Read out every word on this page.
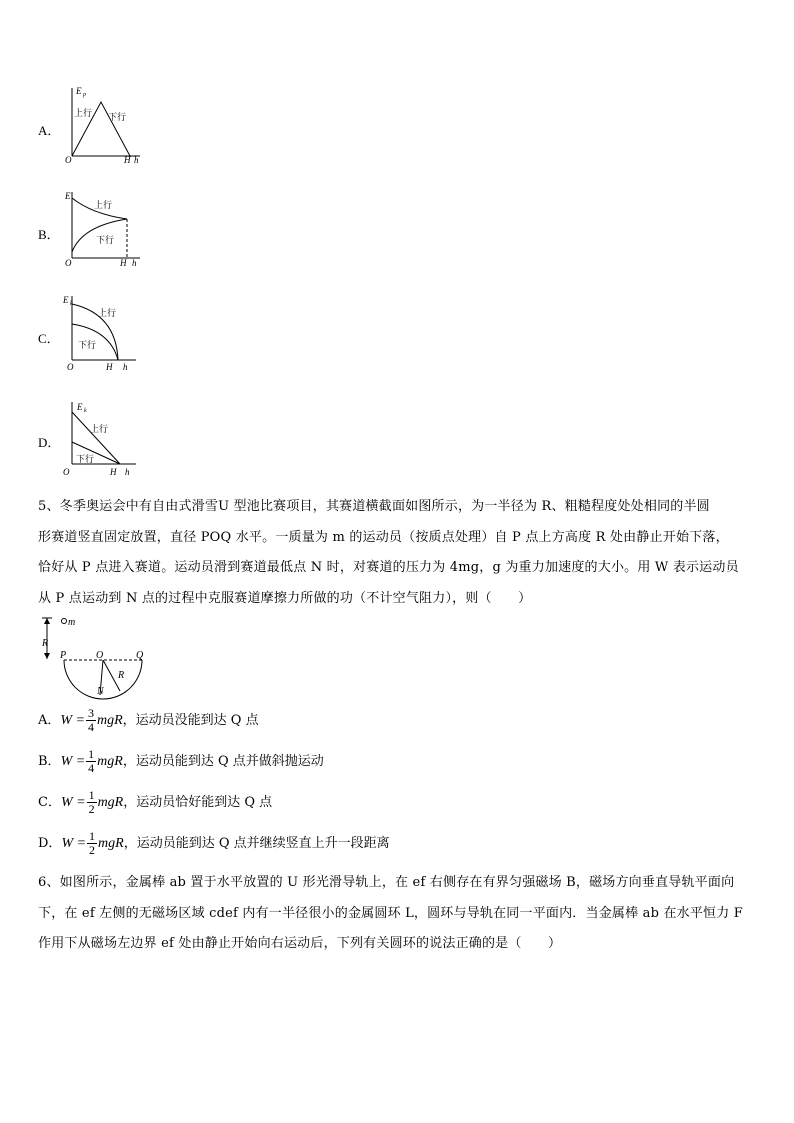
A．
E p
上行 下行
O	H h
B．
E
上行
下行
O	H h
C．
E k
上行
下行
O	H h
D．
E k
上行
下行
O	H h
5、冬季奥运会中有自由式滑雪U 型池比赛项目，其赛道横截面如图所示，为一半径为 R、粗糙程度处处相同的半圆
形赛道竖直固定放置，直径 POQ 水平。一质量为 m 的运动员（按质点处理）自 P 点上方高度 R 处由静止开始下落，
恰好从 P 点进入赛道。运动员滑到赛道最低点 N 时，对赛道的压力为 4mg，g 为重力加速度的大小。用 W 表示运动员
从 P 点运动到 N 点的过程中克服赛道摩擦力所做的功（不计空气阻力），则（　　）
m
R
P	O	Q
R
N
A．$W = \frac{3}{4}$ mgR，运动员没能到达 Q 点
B．$W = \frac{1}{4}$ mgR，运动员能到达 Q 点并做斜抛运动
C．$W = \frac{1}{2}$ mgR，运动员恰好能到达 Q 点
D．$W = \frac{1}{2}$ mgR，运动员能到达 Q 点并继续竖直上升一段距离
6、如图所示，金属棒 ab 置于水平放置的 U 形光滑导轨上，在 ef 右侧存在有界匀强磁场 B，磁场方向垂直导轨平面向
下，在 ef 左侧的无磁场区域 cdef 内有一半径很小的金属圆环 L，圆环与导轨在同一平面内．当金属棒 ab 在水平恒力 F
作用下从磁场左边界 ef 处由静止开始向右运动后，下列有关圆环的说法正确的是（　　）
